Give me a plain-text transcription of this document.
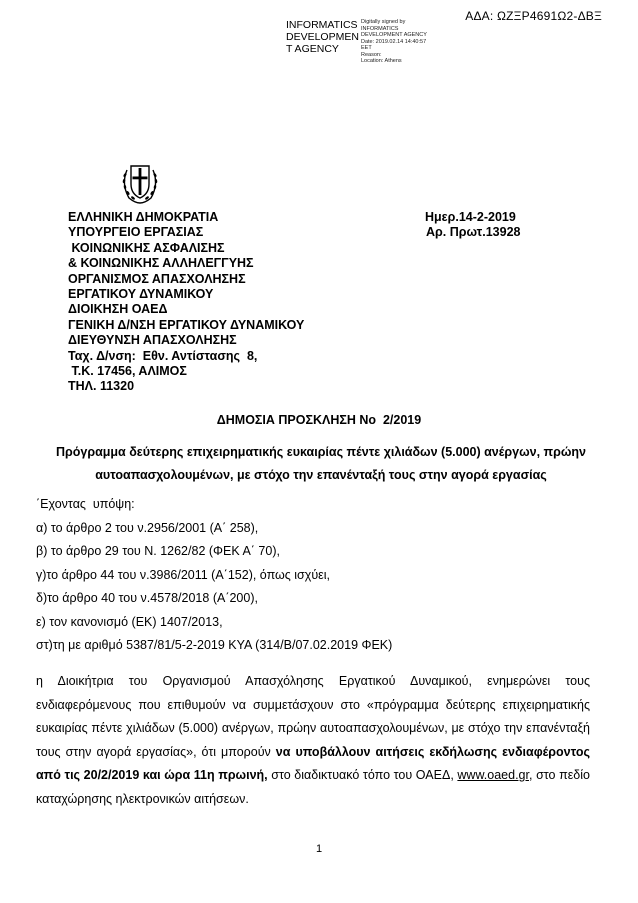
ΑΔΑ: ΩΖΞΡ4691Ω2-ΔΒΞ
INFORMATICS
DEVELOPMEN
T AGENCY
Digitally signed by
INFORMATICS
DEVELOPMENT AGENCY
Date: 2019.02.14 14:40:57
EET
Reason:
Location: Athens
ΕΛΛΗΝΙΚΗ ΔΗΜΟΚΡΑΤΙΑ
ΥΠΟΥΡΓΕΙΟ ΕΡΓΑΣΙΑΣ
ΚΟΙΝΩΝΙΚΗΣ ΑΣΦΑΛΙΣΗΣ
& ΚΟΙΝΩΝΙΚΗΣ ΑΛΛΗΛΕΓΓΥΗΣ
ΟΡΓΑΝΙΣΜΟΣ ΑΠΑΣΧΟΛΗΣΗΣ
ΕΡΓΑΤΙΚΟΥ ΔΥΝΑΜΙΚΟΥ
ΔΙΟΙΚΗΣΗ ΟΑΕΔ
ΓΕΝΙΚΗ Δ/ΝΣΗ ΕΡΓΑΤΙΚΟΥ ΔΥΝΑΜΙΚΟΥ
ΔΙΕΥΘΥΝΣΗ ΑΠΑΣΧΟΛΗΣΗΣ
Ταχ. Δ/νση:  Εθν. Αντίστασης  8,
Τ.Κ. 17456, ΑΛΙΜΟΣ
ΤΗΛ. 11320
Ημερ.14-2-2019
Αρ. Πρωτ.13928
ΔΗΜΟΣΙΑ ΠΡΟΣΚΛΗΣΗ Νο  2/2019
Πρόγραμμα δεύτερης επιχειρηματικής ευκαιρίας πέντε χιλιάδων (5.000) ανέργων, πρώην αυτοαπασχολουμένων, με στόχο την επανένταξή τους στην αγορά εργασίας
΄Εχοντας  υπόψη:
α) το άρθρο 2 του ν.2956/2001 (Α΄ 258),
β) το άρθρο 29 του Ν. 1262/82 (ΦΕΚ Α΄ 70),
γ)το άρθρο 44 του ν.3986/2011 (Α΄152), όπως ισχύει,
δ)το άρθρο 40 του ν.4578/2018 (Α΄200),
ε) τον κανονισμό (ΕΚ) 1407/2013,
στ)τη με αριθμό 5387/81/5-2-2019 ΚΥΑ (314/Β/07.02.2019 ΦΕΚ)
η Διοικήτρια του Οργανισμού Απασχόλησης Εργατικού Δυναμικού, ενημερώνει τους ενδιαφερόμενους που επιθυμούν να συμμετάσχουν στο «πρόγραμμα δεύτερης επιχειρηματικής ευκαιρίας πέντε χιλιάδων (5.000) ανέργων, πρώην αυτοαπασχολουμένων, με στόχο την επανένταξή τους στην αγορά εργασίας», ότι μπορούν να υποβάλλουν αιτήσεις εκδήλωσης ενδιαφέροντος από τις 20/2/2019 και ώρα 11η πρωινή, στο διαδικτυακό τόπο του ΟΑΕΔ, www.oaed.gr, στο πεδίο καταχώρησης ηλεκτρονικών αιτήσεων.
1
